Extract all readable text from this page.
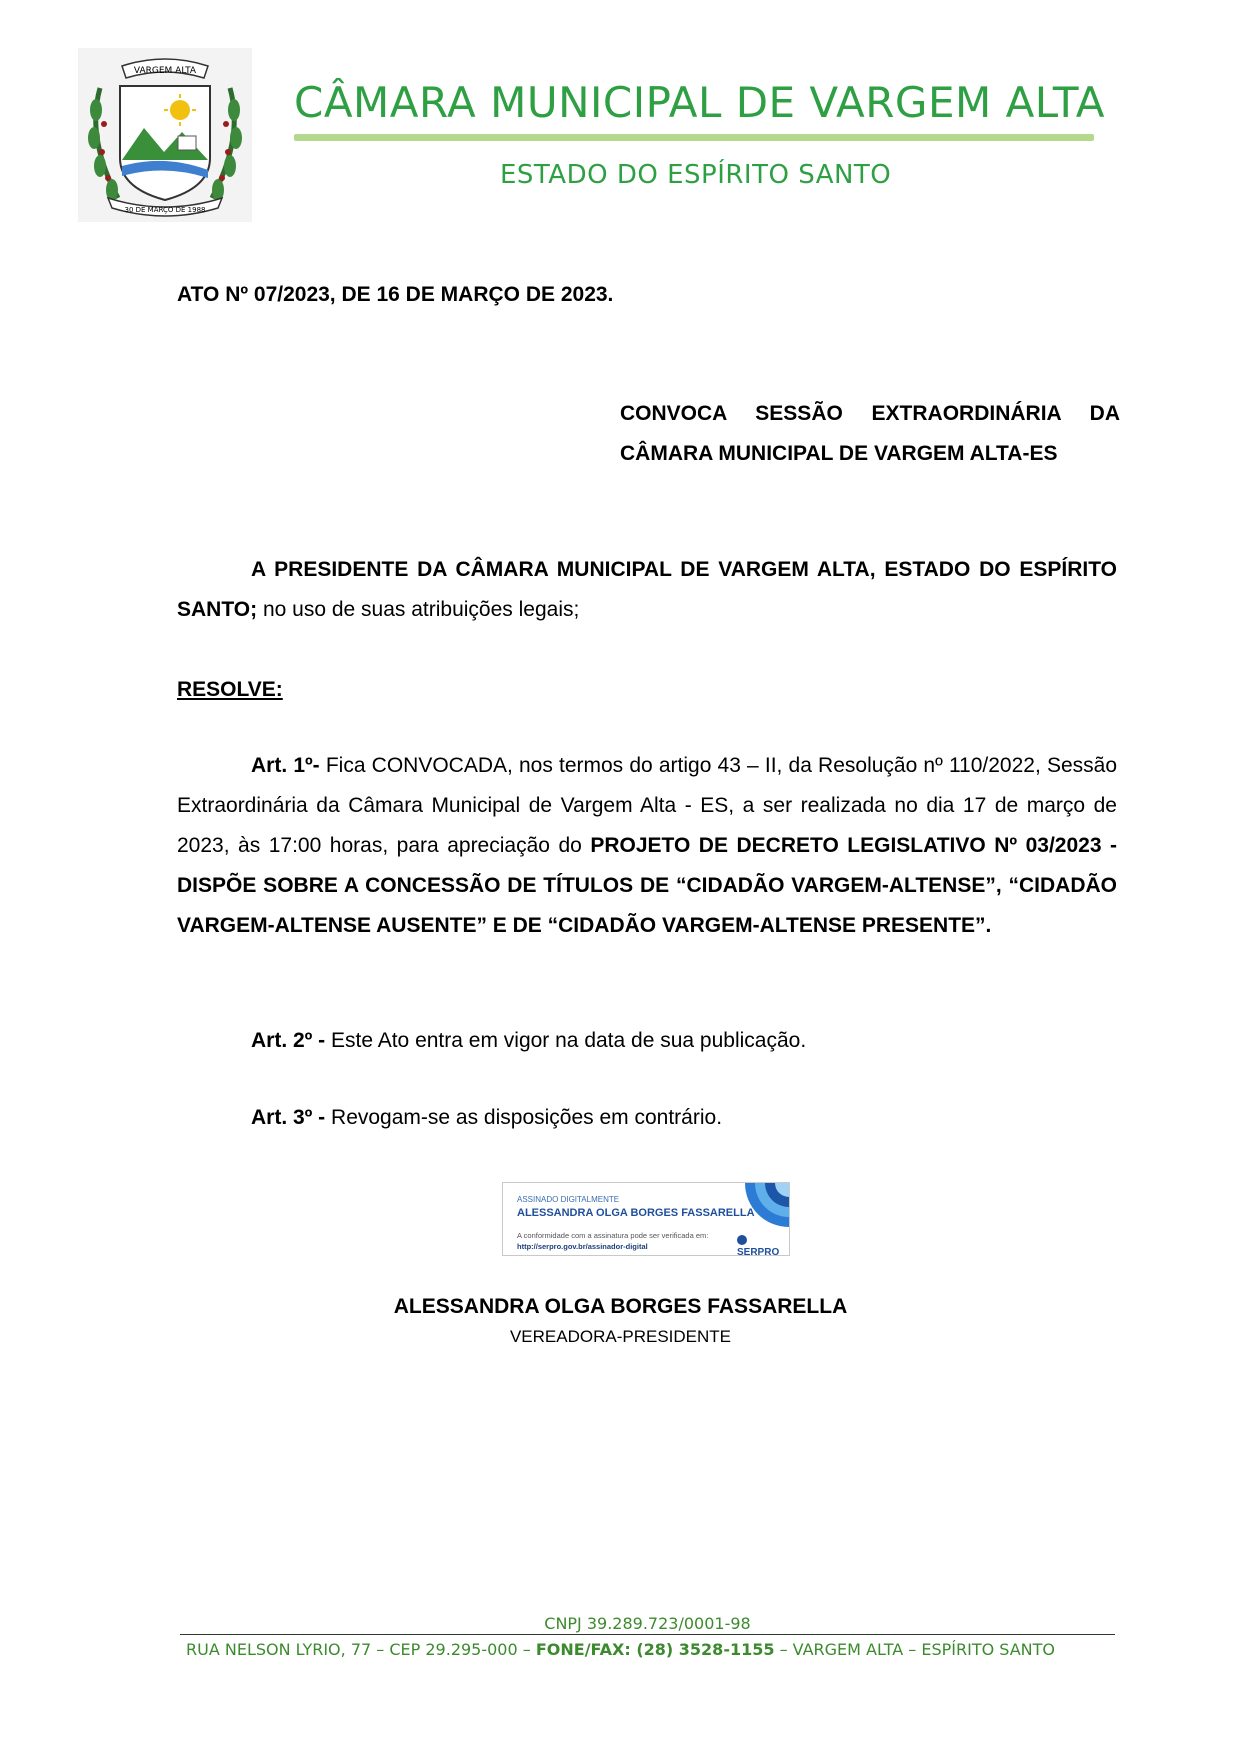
VARGEM ALTA
30 DE MARÇO DE 1988
CÂMARA MUNICIPAL DE VARGEM ALTA
ESTADO DO ESPÍRITO SANTO
ATO Nº 07/2023, DE 16 DE MARÇO DE 2023.
CONVOCA SESSÃO EXTRAORDINÁRIA DA
CÂMARA MUNICIPAL DE VARGEM ALTA-ES
A PRESIDENTE DA CÂMARA MUNICIPAL DE VARGEM ALTA, ESTADO DO ESPÍRITO SANTO; no uso de suas atribuições legais;
RESOLVE:
Art. 1º- Fica CONVOCADA, nos termos do artigo 43 – II, da Resolução nº 110/2022, Sessão Extraordinária da Câmara Municipal de Vargem Alta - ES, a ser realizada no dia 17 de março de 2023, às 17:00 horas, para apreciação do PROJETO DE DECRETO LEGISLATIVO Nº 03/2023 - DISPÕE SOBRE A CONCESSÃO DE TÍTULOS DE “CIDADÃO VARGEM-ALTENSE”, “CIDADÃO VARGEM-ALTENSE AUSENTE” E DE “CIDADÃO VARGEM-ALTENSE PRESENTE”.
Art. 2º - Este Ato entra em vigor na data de sua publicação.
Art. 3º - Revogam-se as disposições em contrário.
ASSINADO DIGITALMENTE
ALESSANDRA OLGA BORGES FASSARELLA
A conformidade com a assinatura pode ser verificada em:
http://serpro.gov.br/assinador-digital
SERPRO
ALESSANDRA OLGA BORGES FASSARELLA
VEREADORA-PRESIDENTE
CNPJ 39.289.723/0001-98
RUA NELSON LYRIO, 77 – CEP 29.295-000 – FONE/FAX: (28) 3528-1155 – VARGEM ALTA – ESPÍRITO SANTO
